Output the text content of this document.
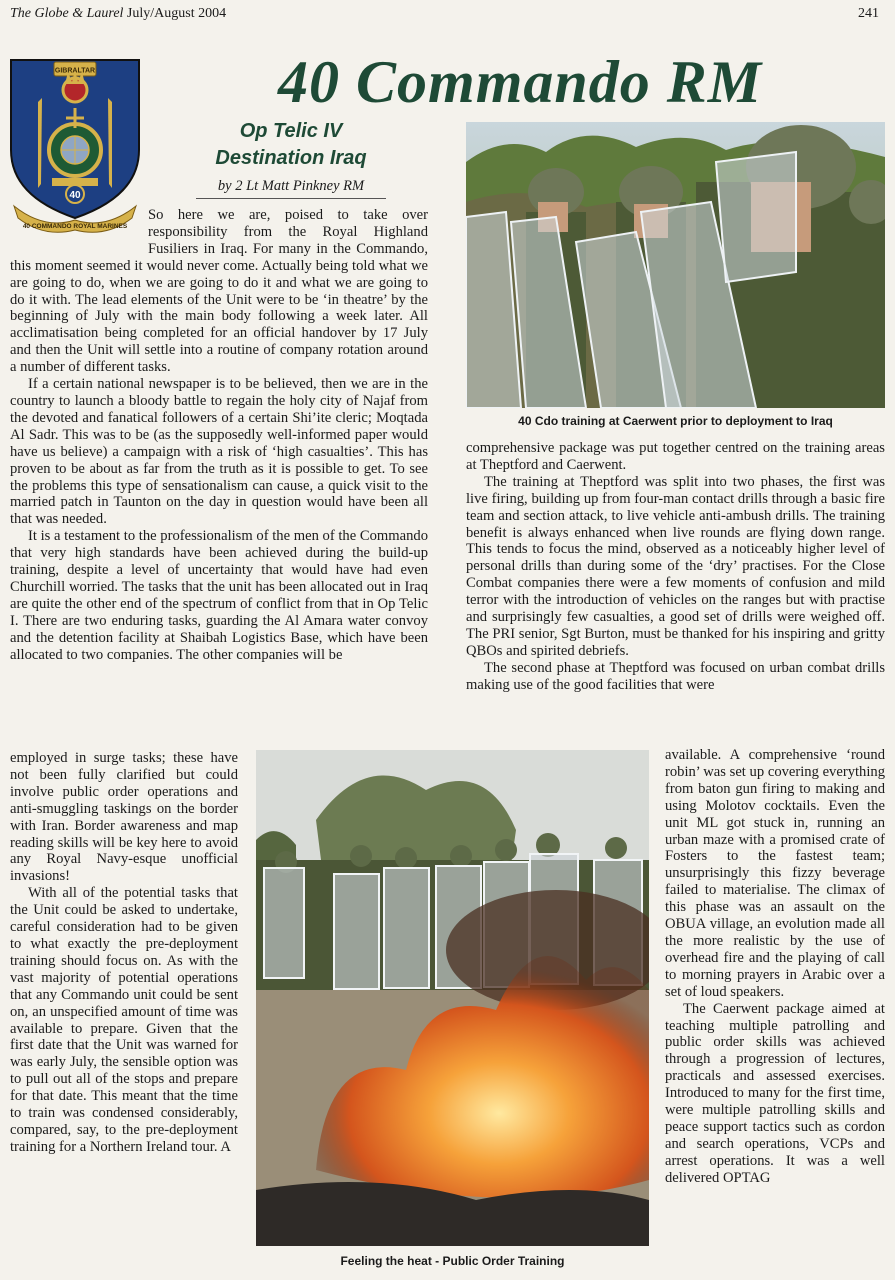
The Globe & Laurel July/August 2004	241
GIBRALTAR
40
40 COMMANDO ROYAL MARINES
40 Commando RM
Op Telic IV
Destination Iraq
by 2 Lt Matt Pinkney RM

So here we are, poised to take over responsibility from the Royal Highland Fusiliers in Iraq. For many in the Commando, this moment seemed it would never come. Actually being told what we are going to do, when we are going to do it and what we are going to do it with. The lead elements of the Unit were to be ‘in theatre’ by the beginning of July with the main body following a week later. All acclimatisation being completed for an official handover by 17 July and then the Unit will settle into a routine of company rotation around a number of different tasks.

If a certain national newspaper is to be believed, then we are in the country to launch a bloody battle to regain the holy city of Najaf from the devoted and fanatical followers of a certain Shi’ite cleric; Moqtada Al Sadr. This was to be (as the supposedly well-informed paper would have us believe) a campaign with a risk of ‘high casualties’. This has proven to be about as far from the truth as it is possible to get. To see the problems this type of sensationalism can cause, a quick visit to the married patch in Taunton on the day in question would have been all that was needed.

It is a testament to the professionalism of the men of the Commando that very high standards have been achieved during the build-up training, despite a level of uncertainty that would have had even Churchill worried. The tasks that the unit has been allocated out in Iraq are quite the other end of the spectrum of conflict from that in Op Telic I. There are two enduring tasks, guarding the Al Amara water convoy and the detention facility at Shaibah Logistics Base, which have been allocated to two companies. The other companies will be

employed in surge tasks; these have not been fully clarified but could involve public order operations and anti-smuggling taskings on the border with Iran. Border awareness and map reading skills will be key here to avoid any Royal Navy-esque unofficial invasions!

With all of the potential tasks that the Unit could be asked to undertake, careful consideration had to be given to what exactly the pre-deployment training should focus on. As with the vast majority of potential operations that any Commando unit could be sent on, an unspecified amount of time was available to prepare. Given that the first date that the Unit was warned for was early July, the sensible option was to pull out all of the stops and prepare for that date. This meant that the time to train was condensed considerably, compared, say, to the pre-deployment training for a Northern Ireland tour. A

40 Cdo training at Caerwent prior to deployment to Iraq

comprehensive package was put together centred on the training areas at Theptford and Caerwent.

The training at Theptford was split into two phases, the first was live firing, building up from four-man contact drills through a basic fire team and section attack, to live vehicle anti-ambush drills. The training benefit is always enhanced when live rounds are flying down range. This tends to focus the mind, observed as a noticeably higher level of personal drills than during some of the ‘dry’ practises. For the Close Combat companies there were a few moments of confusion and mild terror with the introduction of vehicles on the ranges but with practise and surprisingly few casualties, a good set of drills were weighed off. The PRI senior, Sgt Burton, must be thanked for his inspiring and gritty QBOs and spirited debriefs.

The second phase at Theptford was focused on urban combat drills making use of the good facilities that were

Feeling the heat - Public Order Training

available. A comprehensive ‘round robin’ was set up covering everything from baton gun firing to making and using Molotov cocktails. Even the unit ML got stuck in, running an urban maze with a promised crate of Fosters to the fastest team; unsurprisingly this fizzy beverage failed to materialise. The climax of this phase was an assault on the OBUA village, an evolution made all the more realistic by the use of overhead fire and the playing of call to morning prayers in Arabic over a set of loud speakers.

The Caerwent package aimed at teaching multiple patrolling and public order skills was achieved through a progression of lectures, practicals and assessed exercises. Introduced to many for the first time, were multiple patrolling skills and peace support tactics such as cordon and search operations, VCPs and arrest operations. It was a well delivered OPTAG
